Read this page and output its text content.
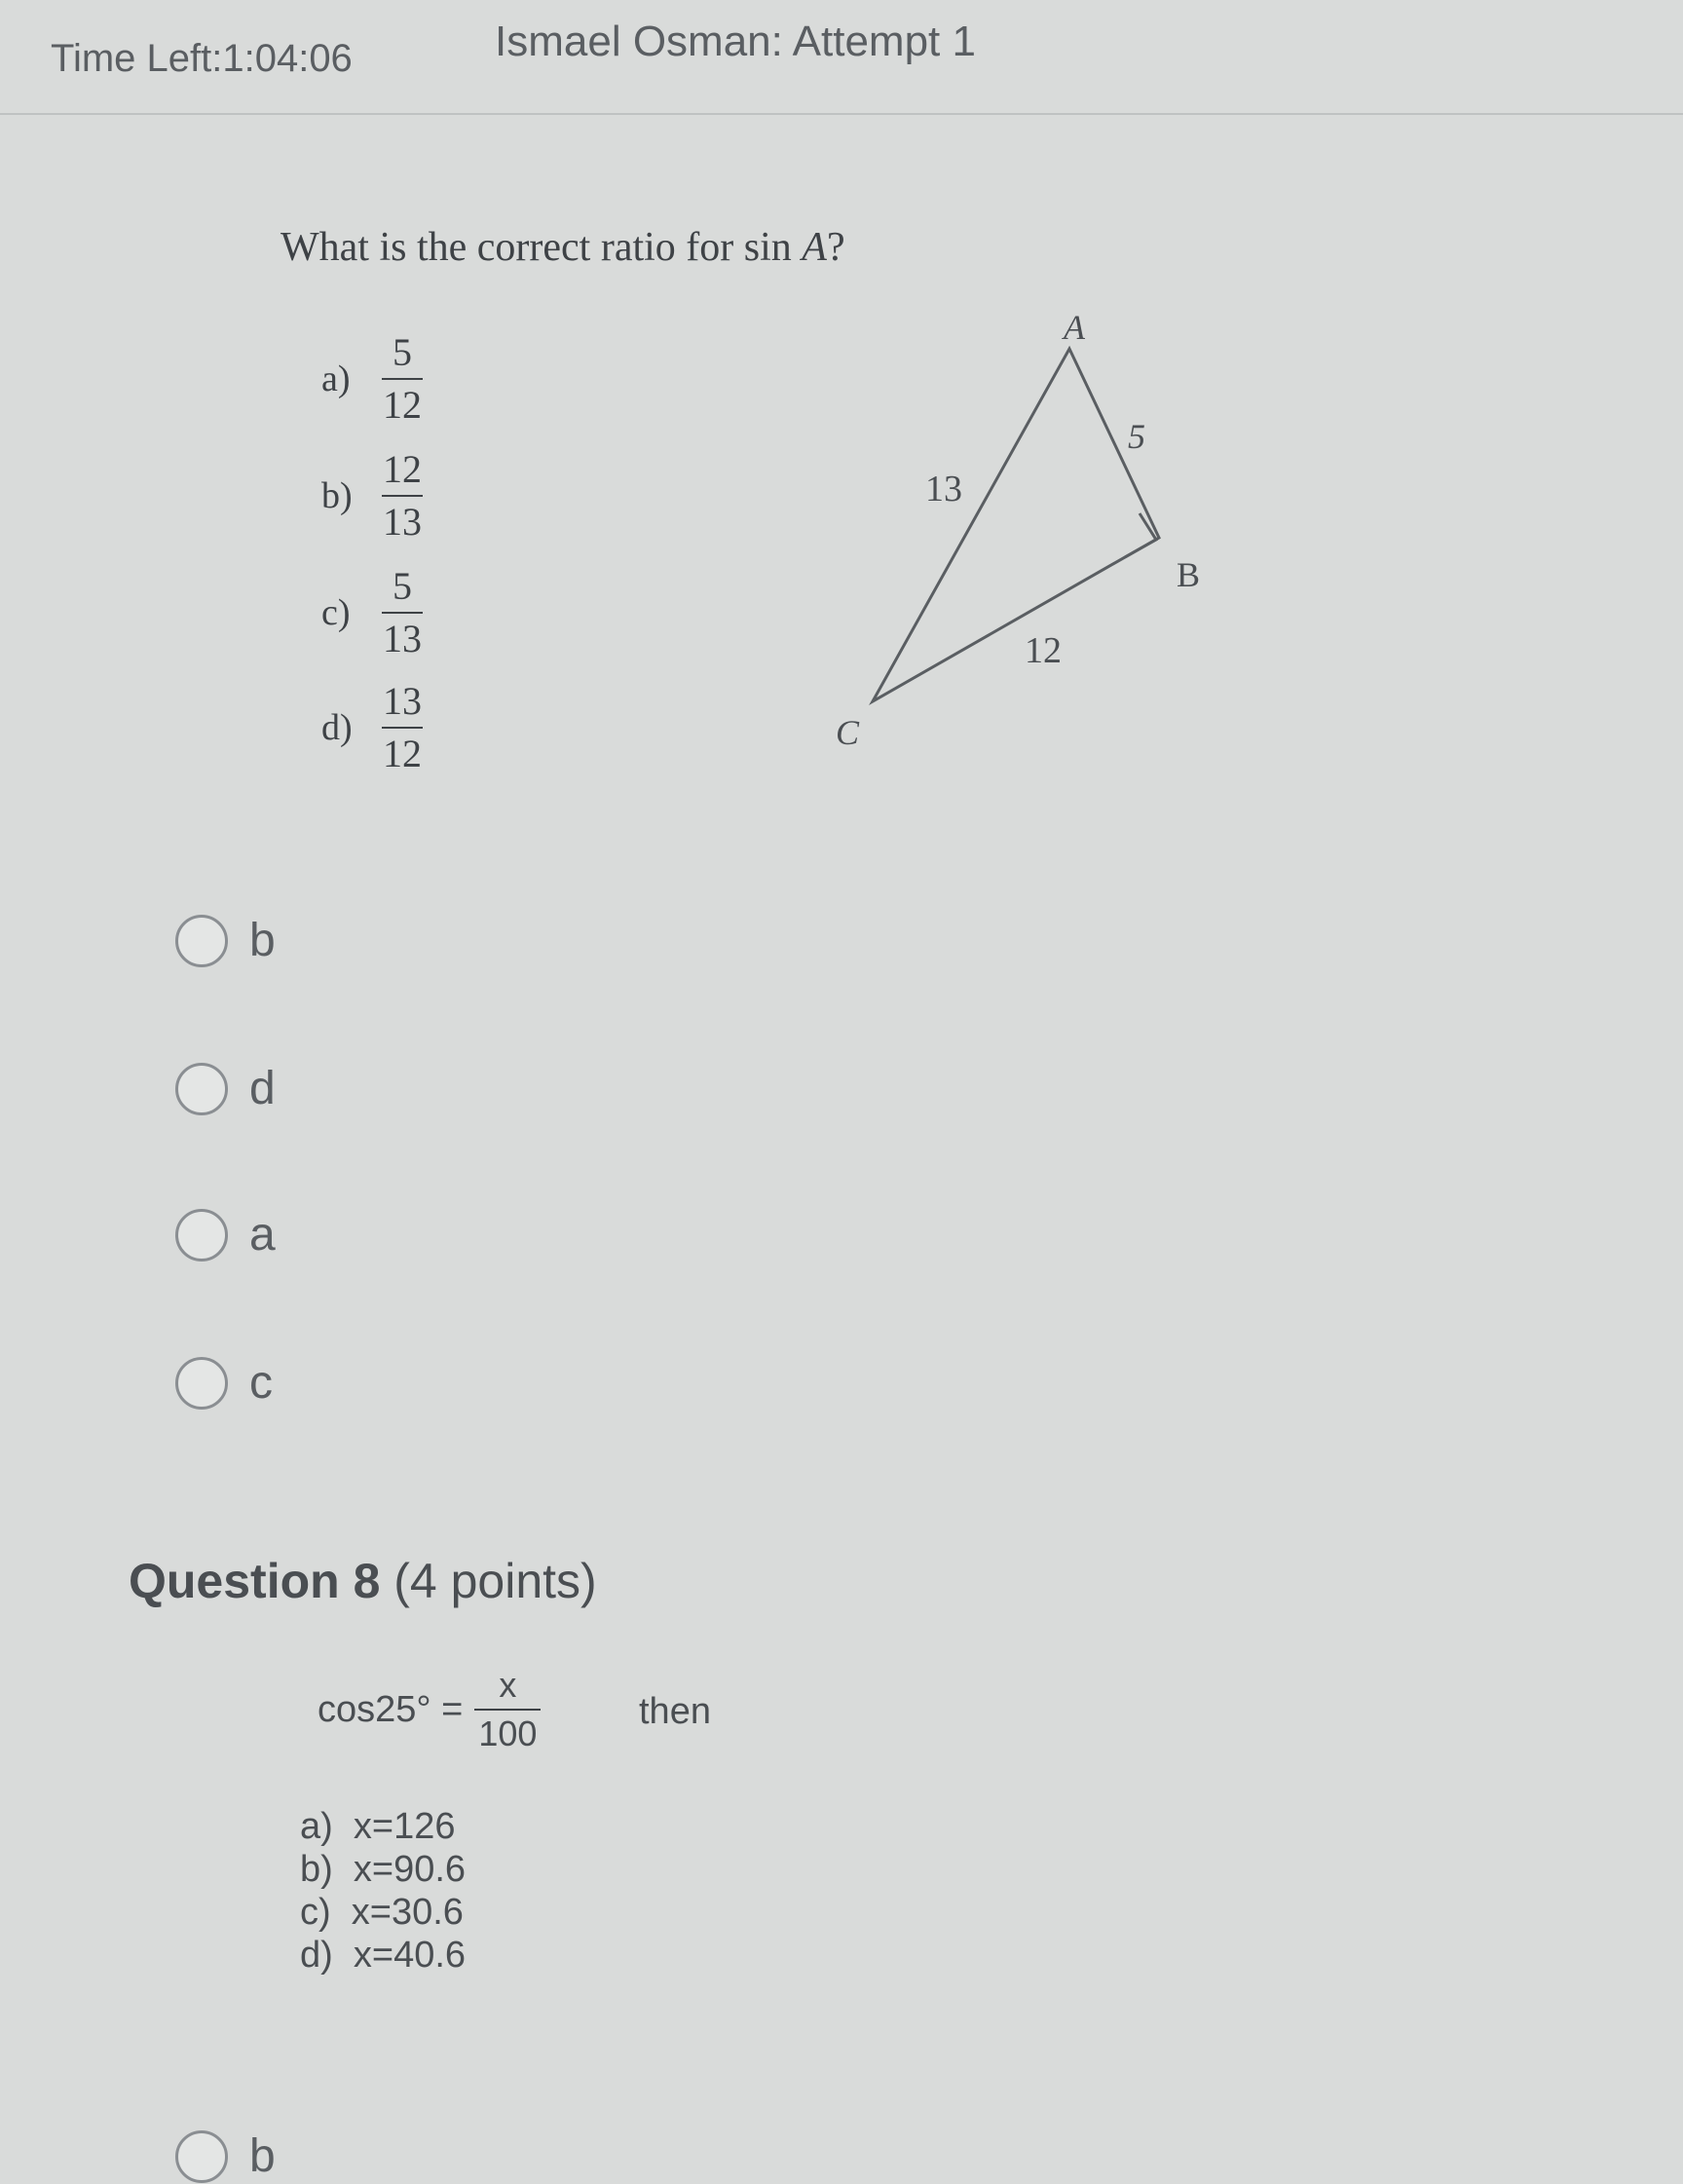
Time Left:1:04:06	Ismael Osman: Attempt 1
What is the correct ratio for sin A?
$a) \frac{5}{12}$
$b) \frac{12}{13}$
$c) \frac{5}{13}$
$d) \frac{13}{12}$
A
B
C
13
5
12
b
d
a
c
Question 8 (4 points)
$\cos 25^\circ = \frac{x}{100}$	then
a)  x=126
b)  x=90.6
c)  x=30.6
d)  x=40.6
b
